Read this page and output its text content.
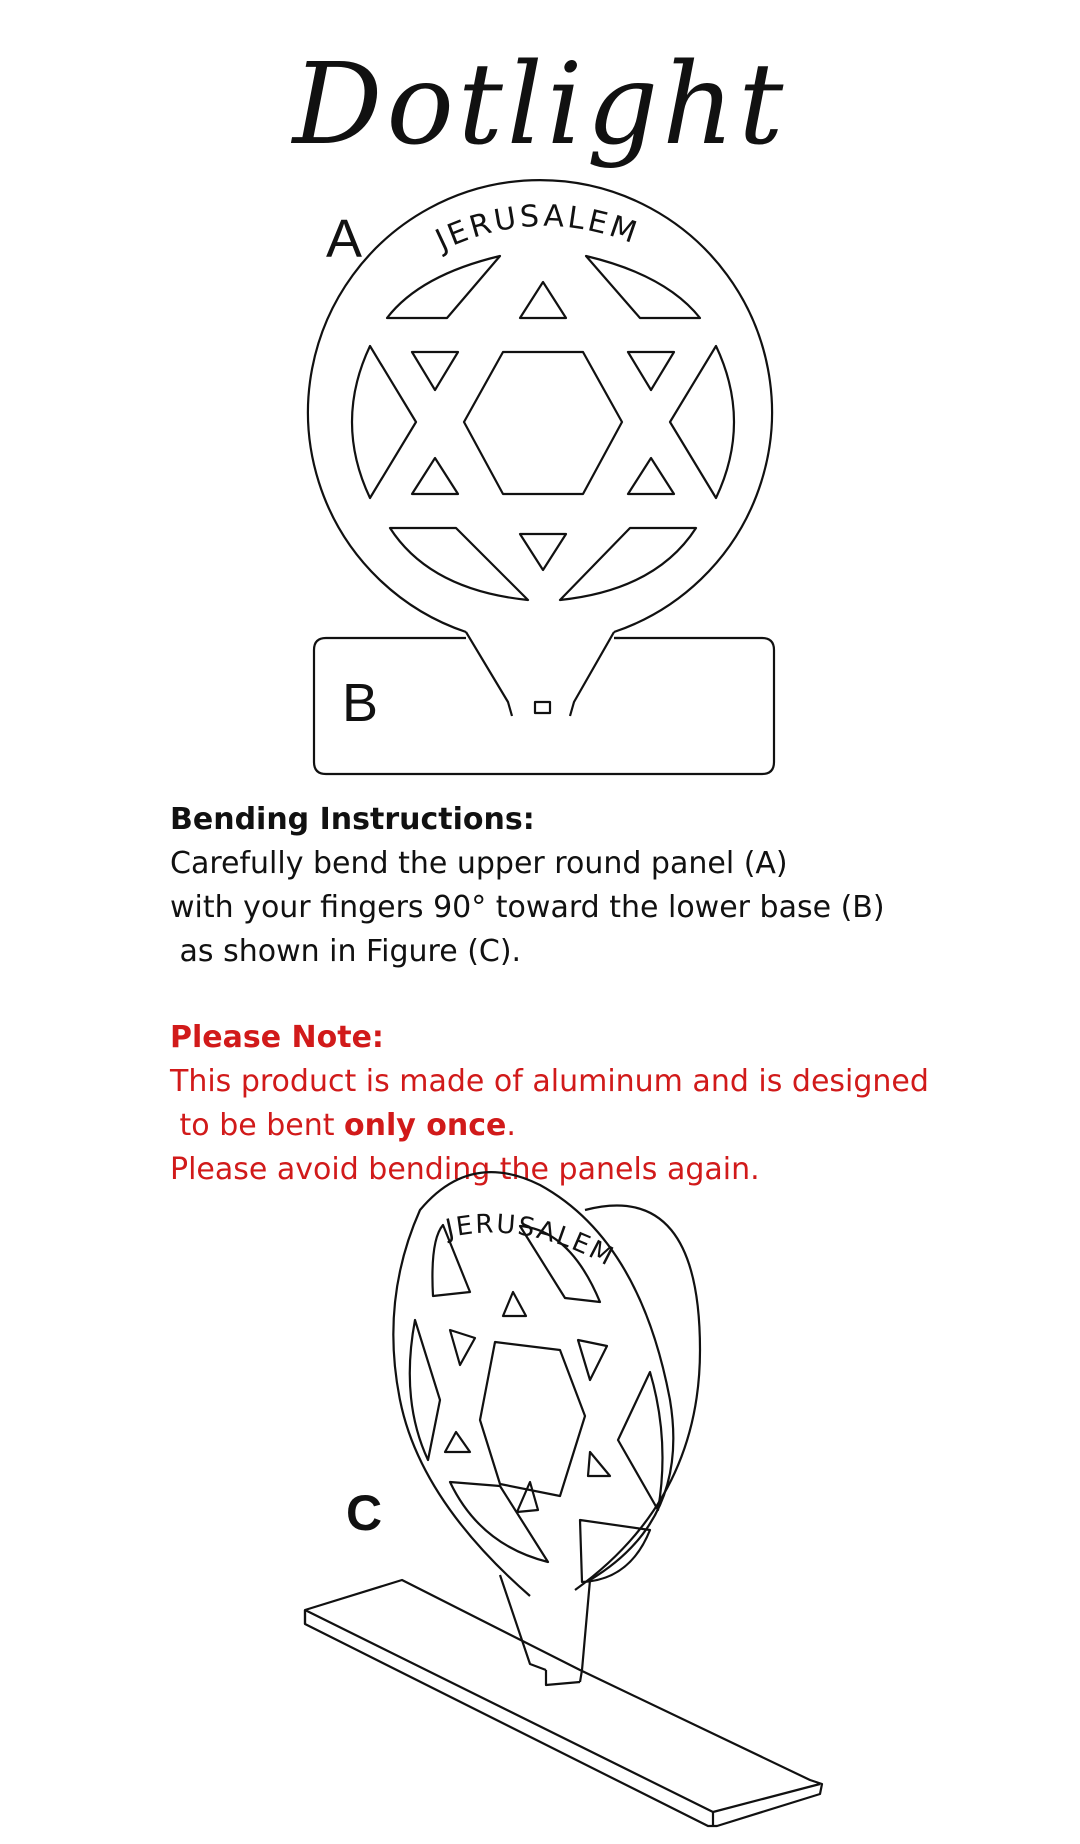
Dotlight
JERUSALEM
A
B
Bending Instructions:
Carefully bend the upper round panel (A)
with your fingers 90° toward the lower base (B)
as shown in Figure (C).
Please Note:
This product is made of aluminum and is designed
to be bent only once.
Please avoid bending the panels again.
JERUSALEM
C
